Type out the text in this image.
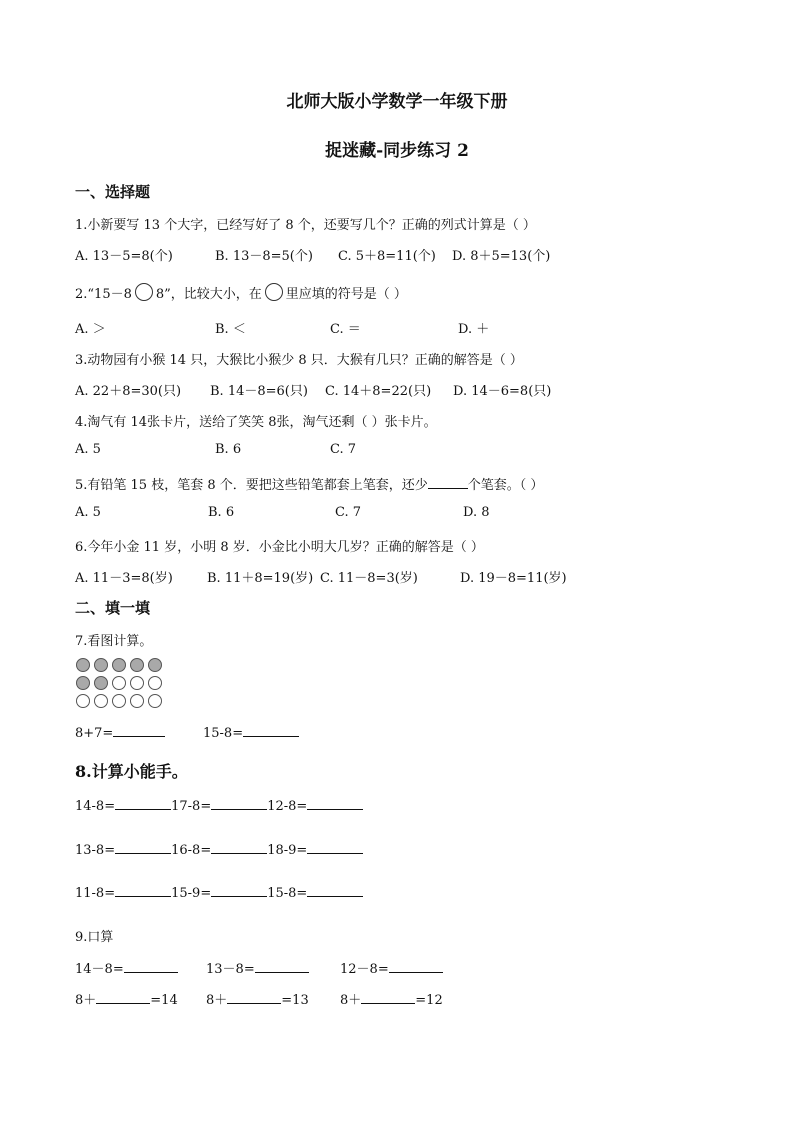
北师大版小学数学一年级下册
捉迷藏-同步练习 2
一、选择题
1.小新要写 13 个大字，已经写好了 8 个，还要写几个？正确的列式计算是（ ）
A. 13－5=8(个)	B. 13－8=5(个) C. 5＋8=11(个) D. 8＋5=13(个)
2.“15－8 8”，比较大小，在 里应填的符号是（ ）
A. ＞	B. ＜	C. ＝	D. ＋
3.动物园有小猴 14 只，大猴比小猴少 8 只．大猴有几只？正确的解答是（ ）
A. 22＋8=30(只) B. 14－8=6(只) C. 14＋8=22(只) D. 14－6=8(只)
4.淘气有 14张卡片，送给了笑笑 8张，淘气还剩（ ）张卡片。
A. 5	B. 6	C. 7
5.有铅笔 15 枝，笔套 8 个．要把这些铅笔都套上笔套，还少	个笔套。（ ）
A. 5	B. 6	C. 7	D. 8
6.今年小金 11 岁，小明 8 岁．小金比小明大几岁？正确的解答是（ ）
A. 11－3=8(岁)	B. 11＋8=19(岁) C. 11－8=3(岁)	D. 19－8=11(岁)
二、填一填
7.看图计算。
8+7=	15-8=
8.计算小能手。
14-8=	17-8=	12-8=
13-8=	16-8=	18-9=
11-8=	15-9=	15-8=
9.口算
14－8=	13－8=	12－8=
8＋	=14 8＋	=13 8＋	=12
